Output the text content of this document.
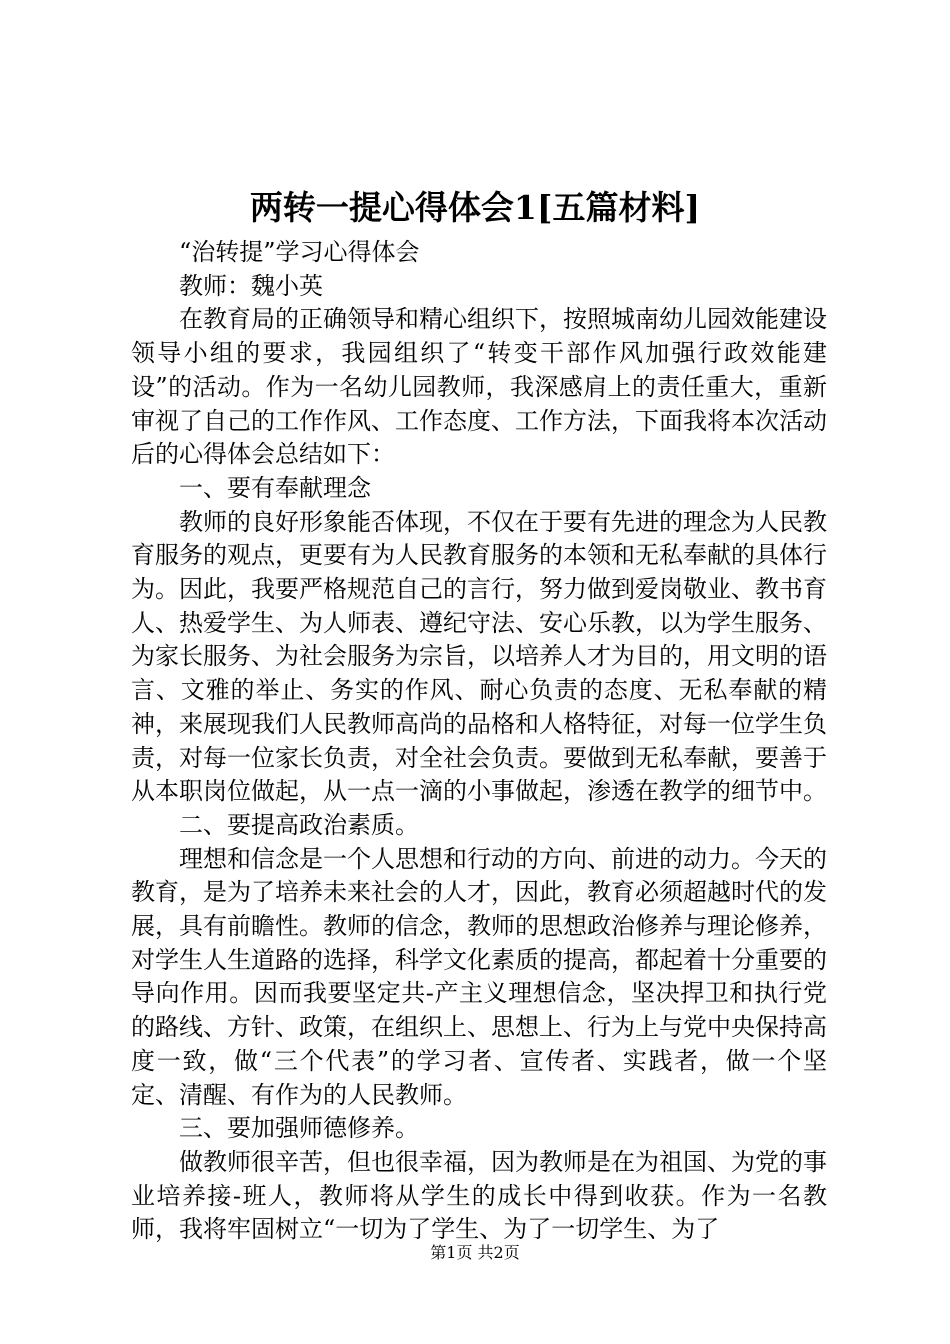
两转一提心得体会1[五篇材料]

“治转提”学习心得体会

教师：魏小英

在教育局的正确领导和精心组织下，按照城南幼儿园效能建设领导小组的要求，我园组织了“转变干部作风加强行政效能建设”的活动。作为一名幼儿园教师，我深感肩上的责任重大，重新审视了自己的工作作风、工作态度、工作方法，下面我将本次活动后的心得体会总结如下：

一、要有奉献理念

教师的良好形象能否体现，不仅在于要有先进的理念为人民教育服务的观点，更要有为人民教育服务的本领和无私奉献的具体行为。因此，我要严格规范自己的言行，努力做到爱岗敬业、教书育人、热爱学生、为人师表、遵纪守法、安心乐教，以为学生服务、为家长服务、为社会服务为宗旨，以培养人才为目的，用文明的语言、文雅的举止、务实的作风、耐心负责的态度、无私奉献的精神，来展现我们人民教师高尚的品格和人格特征，对每一位学生负责，对每一位家长负责，对全社会负责。要做到无私奉献，要善于从本职岗位做起，从一点一滴的小事做起，渗透在教学的细节中。

二、要提高政治素质。

理想和信念是一个人思想和行动的方向、前进的动力。今天的教育，是为了培养未来社会的人才，因此，教育必须超越时代的发展，具有前瞻性。教师的信念，教师的思想政治修养与理论修养，对学生人生道路的选择，科学文化素质的提高，都起着十分重要的导向作用。因而我要坚定共-产主义理想信念，坚决捍卫和执行党的路线、方针、政策，在组织上、思想上、行为上与党中央保持高度一致，做“三个代表”的学习者、宣传者、实践者，做一个坚定、清醒、有作为的人民教师。

三、要加强师德修养。

做教师很辛苦，但也很幸福，因为教师是在为祖国、为党的事业培养接-班人，教师将从学生的成长中得到收获。作为一名教师，我将牢固树立“一切为了学生、为了一切学生、为了

第1页 共2页
